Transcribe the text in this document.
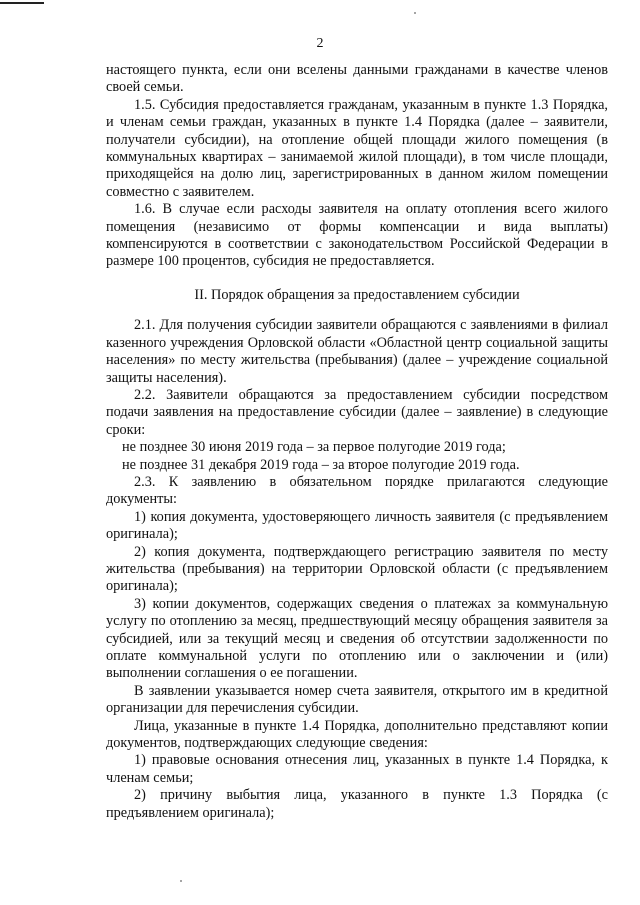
2

настоящего пункта, если они вселены данными гражданами в качестве членов своей семьи.

1.5. Субсидия предоставляется гражданам, указанным в пункте 1.3 Порядка, и членам семьи граждан, указанных в пункте 1.4 Порядка (далее – заявители, получатели субсидии), на отопление общей площади жилого помещения (в коммунальных квартирах – занимаемой жилой площади), в том числе площади, приходящейся на долю лиц, зарегистрированных в данном жилом помещении совместно с заявителем.

1.6. В случае если расходы заявителя на оплату отопления всего жилого помещения (независимо от формы компенсации и вида выплаты) компенсируются в соответствии с законодательством Российской Федерации в размере 100 процентов, субсидия не предоставляется.

II. Порядок обращения за предоставлением субсидии

2.1. Для получения субсидии заявители обращаются с заявлениями в филиал казенного учреждения Орловской области «Областной центр социальной защиты населения» по месту жительства (пребывания) (далее – учреждение социальной защиты населения).

2.2. Заявители обращаются за предоставлением субсидии посредством подачи заявления на предоставление субсидии (далее – заявление) в следующие сроки:

не позднее 30 июня 2019 года – за первое полугодие 2019 года;

не позднее 31 декабря 2019 года – за второе полугодие 2019 года.

2.3. К заявлению в обязательном порядке прилагаются следующие документы:

1) копия документа, удостоверяющего личность заявителя (с предъявлением оригинала);

2) копия документа, подтверждающего регистрацию заявителя по месту жительства (пребывания) на территории Орловской области (с предъявлением оригинала);

3) копии документов, содержащих сведения о платежах за коммунальную услугу по отоплению за месяц, предшествующий месяцу обращения заявителя за субсидией, или за текущий месяц и сведения об отсутствии задолженности по оплате коммунальной услуги по отоплению или о заключении и (или) выполнении соглашения о ее погашении.

В заявлении указывается номер счета заявителя, открытого им в кредитной организации для перечисления субсидии.

Лица, указанные в пункте 1.4 Порядка, дополнительно представляют копии документов, подтверждающих следующие сведения:

1) правовые основания отнесения лиц, указанных в пункте 1.4 Порядка, к членам семьи;

2) причину выбытия лица, указанного в пункте 1.3 Порядка (с предъявлением оригинала);
